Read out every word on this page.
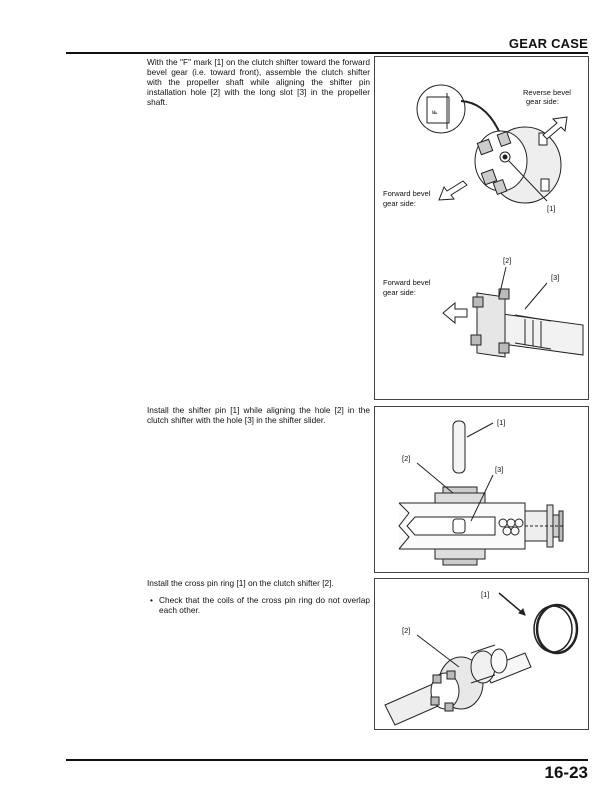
GEAR CASE
With the "F" mark [1] on the clutch shifter toward the forward bevel gear (i.e. toward front), assemble the clutch shifter with the propeller shaft while aligning the shifter pin installation hole [2] with the long slot [3] in the propeller shaft.
Install the shifter pin [1] while aligning the hole [2] in the clutch shifter with the hole [3] in the shifter slider.
Install the cross pin ring [1] on the clutch shifter [2].
• Check that the coils of the cross pin ring do not overlap each other.
F
Reverse bevel
gear side:
Forward bevel
gear side:
[1]
[2]
[3]
Forward bevel
gear side:
[1]
[2]
[3]
[1]
[2]
16-23
